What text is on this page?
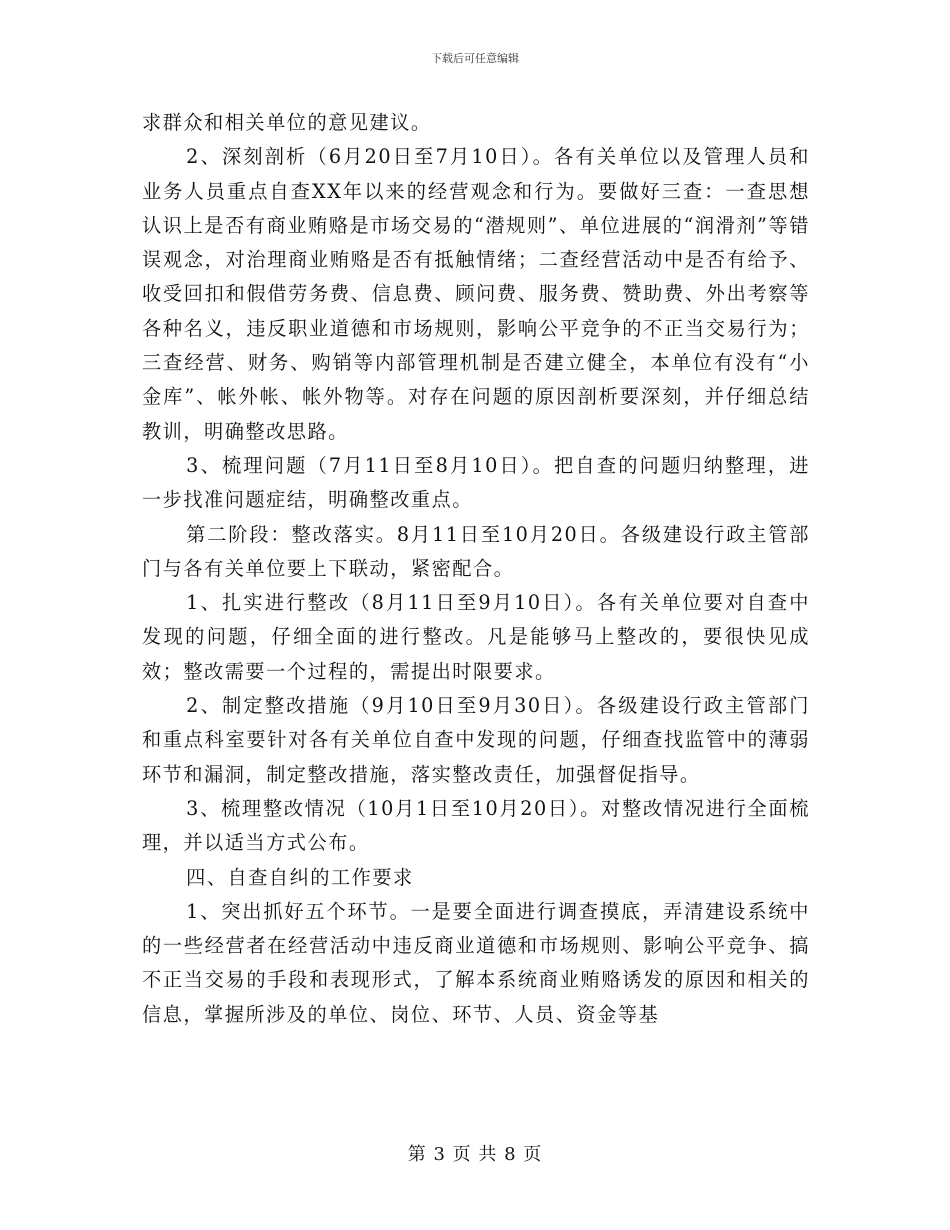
下载后可任意编辑

求群众和相关单位的意见建议。

2、深刻剖析（6月20日至7月10日）。各有关单位以及管理人员和业务人员重点自查XX年以来的经营观念和行为。要做好三查：一查思想认识上是否有商业贿赂是市场交易的“潜规则”、单位进展的“润滑剂”等错误观念，对治理商业贿赂是否有抵触情绪；二查经营活动中是否有给予、收受回扣和假借劳务费、信息费、顾问费、服务费、赞助费、外出考察等各种名义，违反职业道德和市场规则，影响公平竞争的不正当交易行为；三查经营、财务、购销等内部管理机制是否建立健全，本单位有没有“小金库”、帐外帐、帐外物等。对存在问题的原因剖析要深刻，并仔细总结教训，明确整改思路。

3、梳理问题（7月11日至8月10日）。把自查的问题归纳整理，进一步找准问题症结，明确整改重点。

第二阶段：整改落实。8月11日至10月20日。各级建设行政主管部门与各有关单位要上下联动，紧密配合。

1、扎实进行整改（8月11日至9月10日）。各有关单位要对自查中发现的问题，仔细全面的进行整改。凡是能够马上整改的，要很快见成效；整改需要一个过程的，需提出时限要求。

2、制定整改措施（9月10日至9月30日）。各级建设行政主管部门和重点科室要针对各有关单位自查中发现的问题，仔细查找监管中的薄弱环节和漏洞，制定整改措施，落实整改责任，加强督促指导。

3、梳理整改情况（10月1日至10月20日）。对整改情况进行全面梳理，并以适当方式公布。

四、自查自纠的工作要求

1、突出抓好五个环节。一是要全面进行调查摸底，弄清建设系统中的一些经营者在经营活动中违反商业道德和市场规则、影响公平竞争、搞不正当交易的手段和表现形式，了解本系统商业贿赂诱发的原因和相关的信息，掌握所涉及的单位、岗位、环节、人员、资金等基

第 3 页 共 8 页
